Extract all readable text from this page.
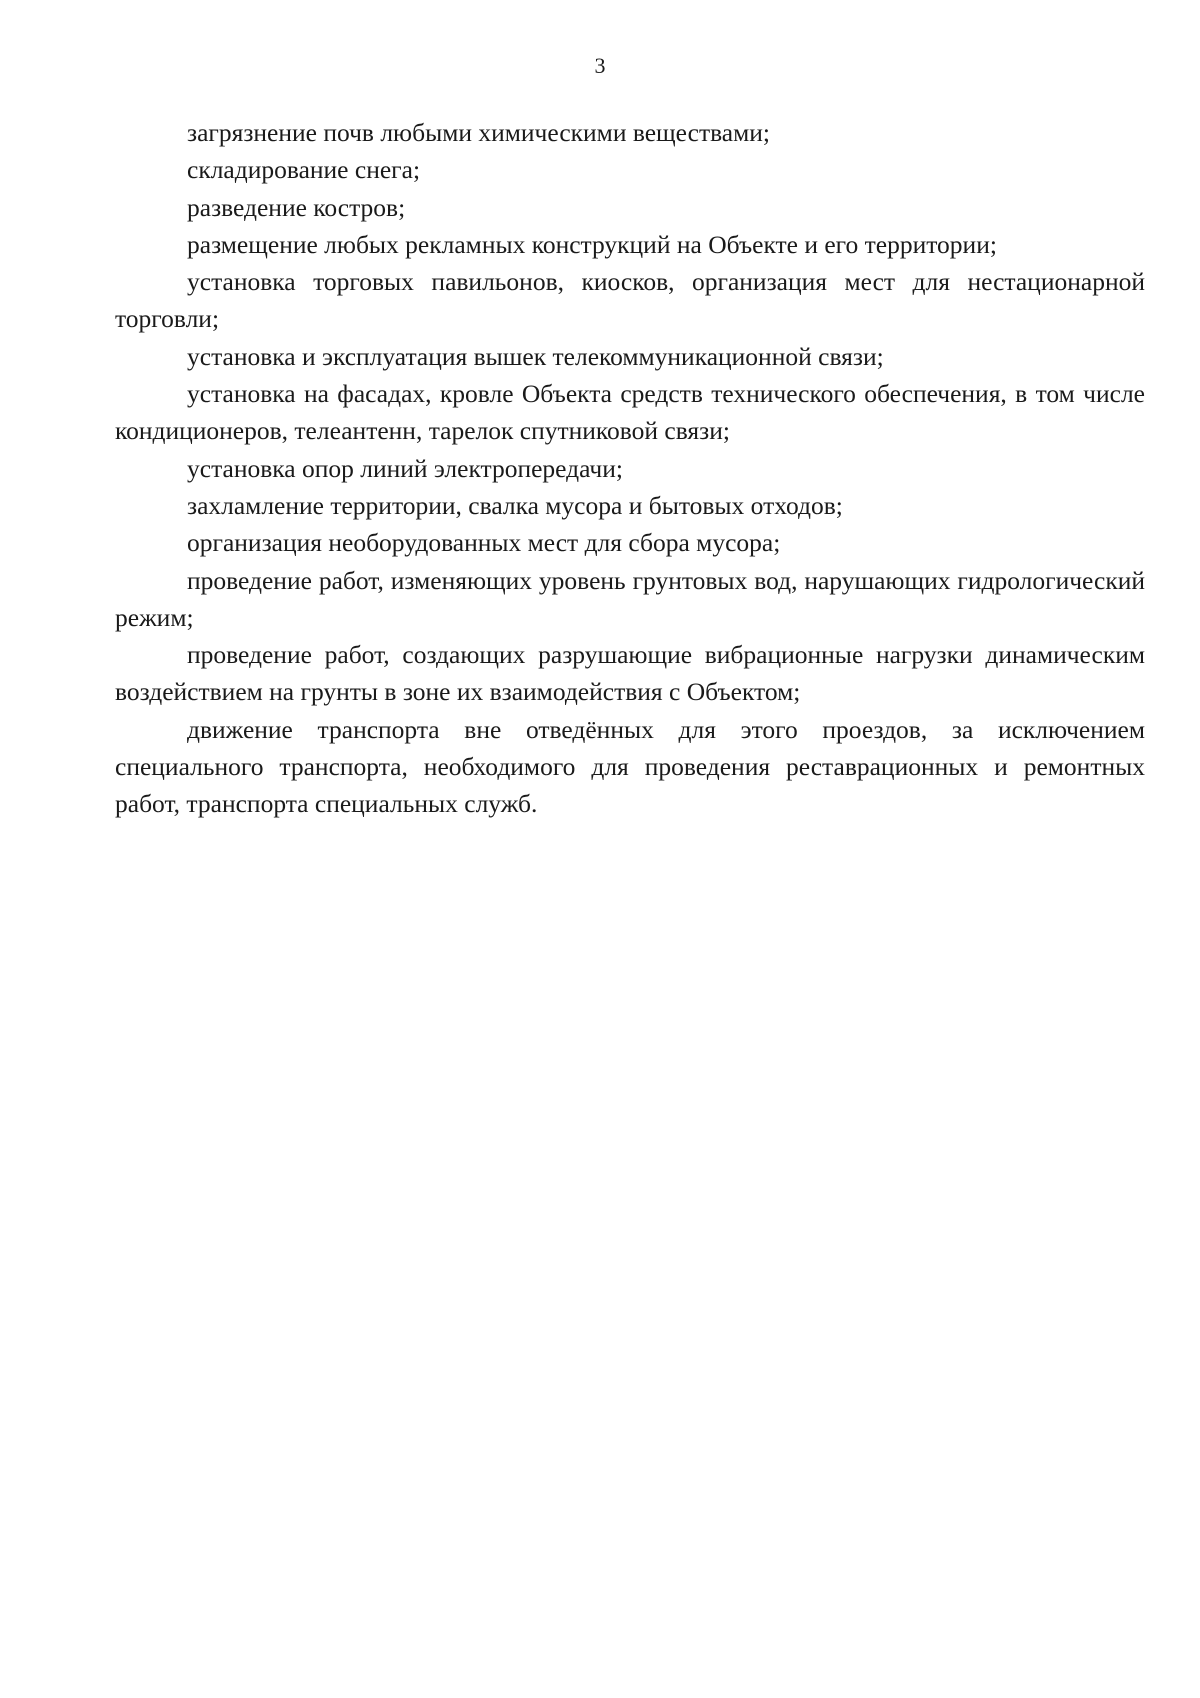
3

загрязнение почв любыми химическими веществами;

складирование снега;

разведение костров;

размещение любых рекламных конструкций на Объекте и его территории;

установка торговых павильонов, киосков, организация мест для нестационарной торговли;

установка и эксплуатация вышек телекоммуникационной связи;

установка на фасадах, кровле Объекта средств технического обеспечения, в том числе кондиционеров, телеантенн, тарелок спутниковой связи;

установка опор линий электропередачи;

захламление территории, свалка мусора и бытовых отходов;

организация необорудованных мест для сбора мусора;

проведение работ, изменяющих уровень грунтовых вод, нарушающих гидрологический режим;

проведение работ, создающих разрушающие вибрационные нагрузки динамическим воздействием на грунты в зоне их взаимодействия с Объектом;

движение транспорта вне отведённых для этого проездов, за исключением специального транспорта, необходимого для проведения реставрационных и ремонтных работ, транспорта специальных служб.
